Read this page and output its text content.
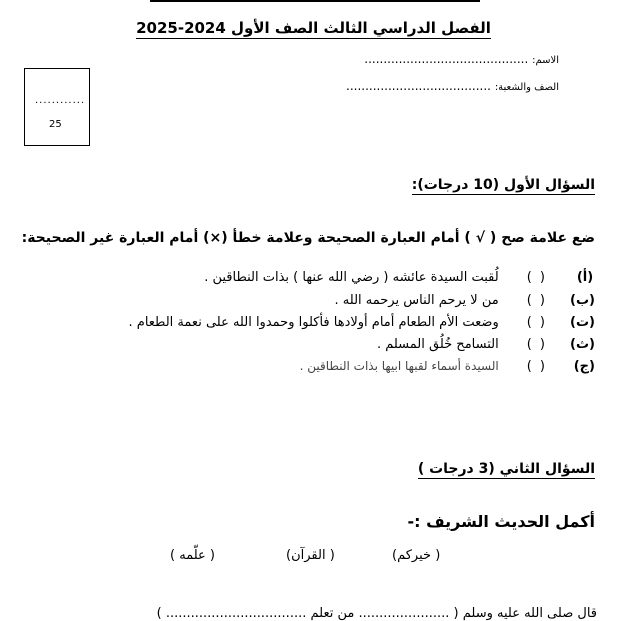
الفصل الدراسي الثالث الصف الأول 2024-2025
الاسم: ...........................................
الصف والشعبة: ......................................
............
25
السؤال الأول (10 درجات):
ضع علامة صح ( √ ) أمام العبارة الصحيحة وعلامة خطأ (×) أمام العبارة غير الصحيحة:
(أ) ( ) لُقبت السيدة عائشه ( رضي الله عنها ) بذات النطاقين .
(ب) ( ) من لا يرحم الناس يرحمه الله .
(ت) ( ) وضعت الأم الطعام أمام أولادها فأكلوا وحمدوا الله على نعمة الطعام .
(ث) ( ) التسامح خُلُق المسلم .
(ج) ( ) السيدة أسماء لقبها ابيها بذات النطاقين .
السؤال الثاني (3 درجات )
أكمل الحديث الشريف :-
(خيركم )
(القرآن )
( علّمه )
قال صلى الله عليه وسلم ( ...................... من تعلم .................................. )
